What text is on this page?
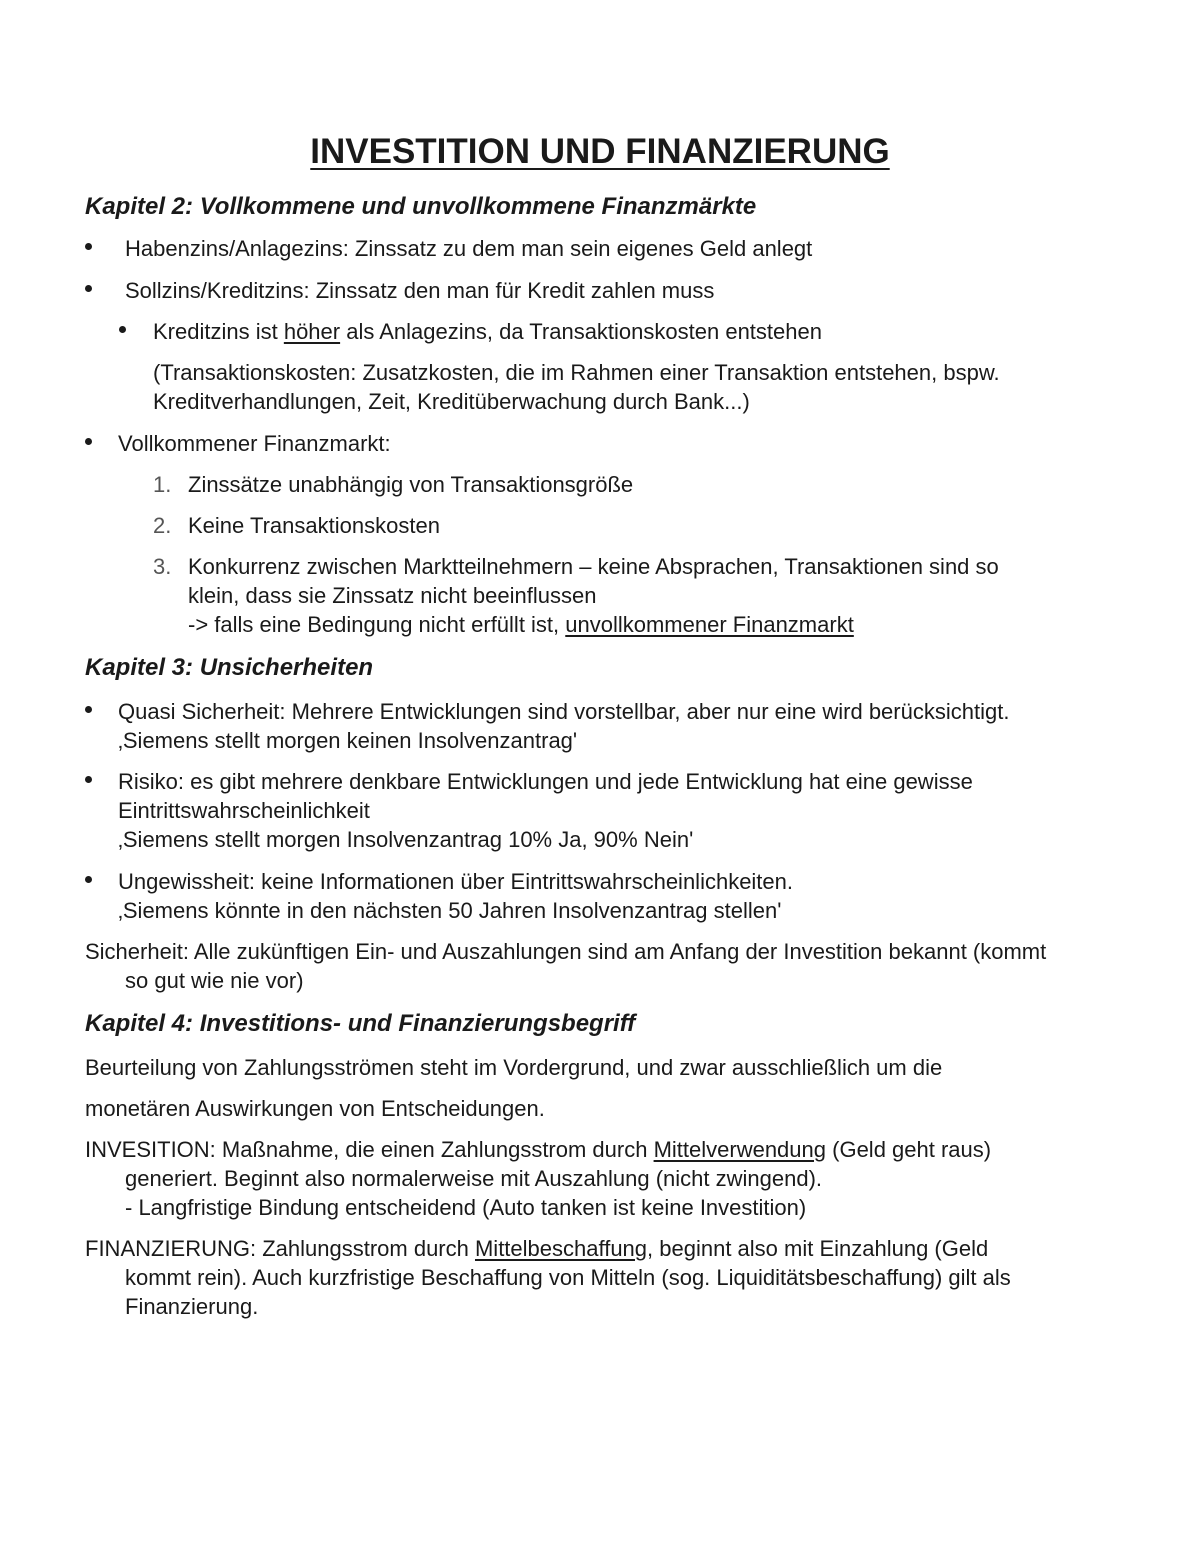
INVESTITION UND FINANZIERUNG
Kapitel 2: Vollkommene und unvollkommene Finanzmärkte
Habenzins/Anlagezins: Zinssatz zu dem man sein eigenes Geld anlegt
Sollzins/Kreditzins: Zinssatz den man für Kredit zahlen muss
Kreditzins ist höher als Anlagezins, da Transaktionskosten entstehen
(Transaktionskosten: Zusatzkosten, die im Rahmen einer Transaktion entstehen, bspw.
Kreditverhandlungen, Zeit, Kreditüberwachung durch Bank...)
Vollkommener Finanzmarkt:
1. Zinssätze unabhängig von Transaktionsgröße
2. Keine Transaktionskosten
3. Konkurrenz zwischen Marktteilnehmern – keine Absprachen, Transaktionen sind so
klein, dass sie Zinssatz nicht beeinflussen
-> falls eine Bedingung nicht erfüllt ist, unvollkommener Finanzmarkt
Kapitel 3: Unsicherheiten
Quasi Sicherheit: Mehrere Entwicklungen sind vorstellbar, aber nur eine wird berücksichtigt.
‚Siemens stellt morgen keinen Insolvenzantrag'
Risiko: es gibt mehrere denkbare Entwicklungen und jede Entwicklung hat eine gewisse
Eintrittswahrscheinlichkeit
‚Siemens stellt morgen Insolvenzantrag 10% Ja, 90% Nein'
Ungewissheit: keine Informationen über Eintrittswahrscheinlichkeiten.
‚Siemens könnte in den nächsten 50 Jahren Insolvenzantrag stellen'
Sicherheit: Alle zukünftigen Ein- und Auszahlungen sind am Anfang der Investition bekannt (kommt
so gut wie nie vor)
Kapitel 4: Investitions- und Finanzierungsbegriff
Beurteilung von Zahlungsströmen steht im Vordergrund, und zwar ausschließlich um die
monetären Auswirkungen von Entscheidungen.
INVESITION: Maßnahme, die einen Zahlungsstrom durch Mittelverwendung (Geld geht raus)
generiert. Beginnt also normalerweise mit Auszahlung (nicht zwingend).
- Langfristige Bindung entscheidend (Auto tanken ist keine Investition)
FINANZIERUNG: Zahlungsstrom durch Mittelbeschaffung, beginnt also mit Einzahlung (Geld
kommt rein). Auch kurzfristige Beschaffung von Mitteln (sog. Liquiditätsbeschaffung) gilt als
Finanzierung.
